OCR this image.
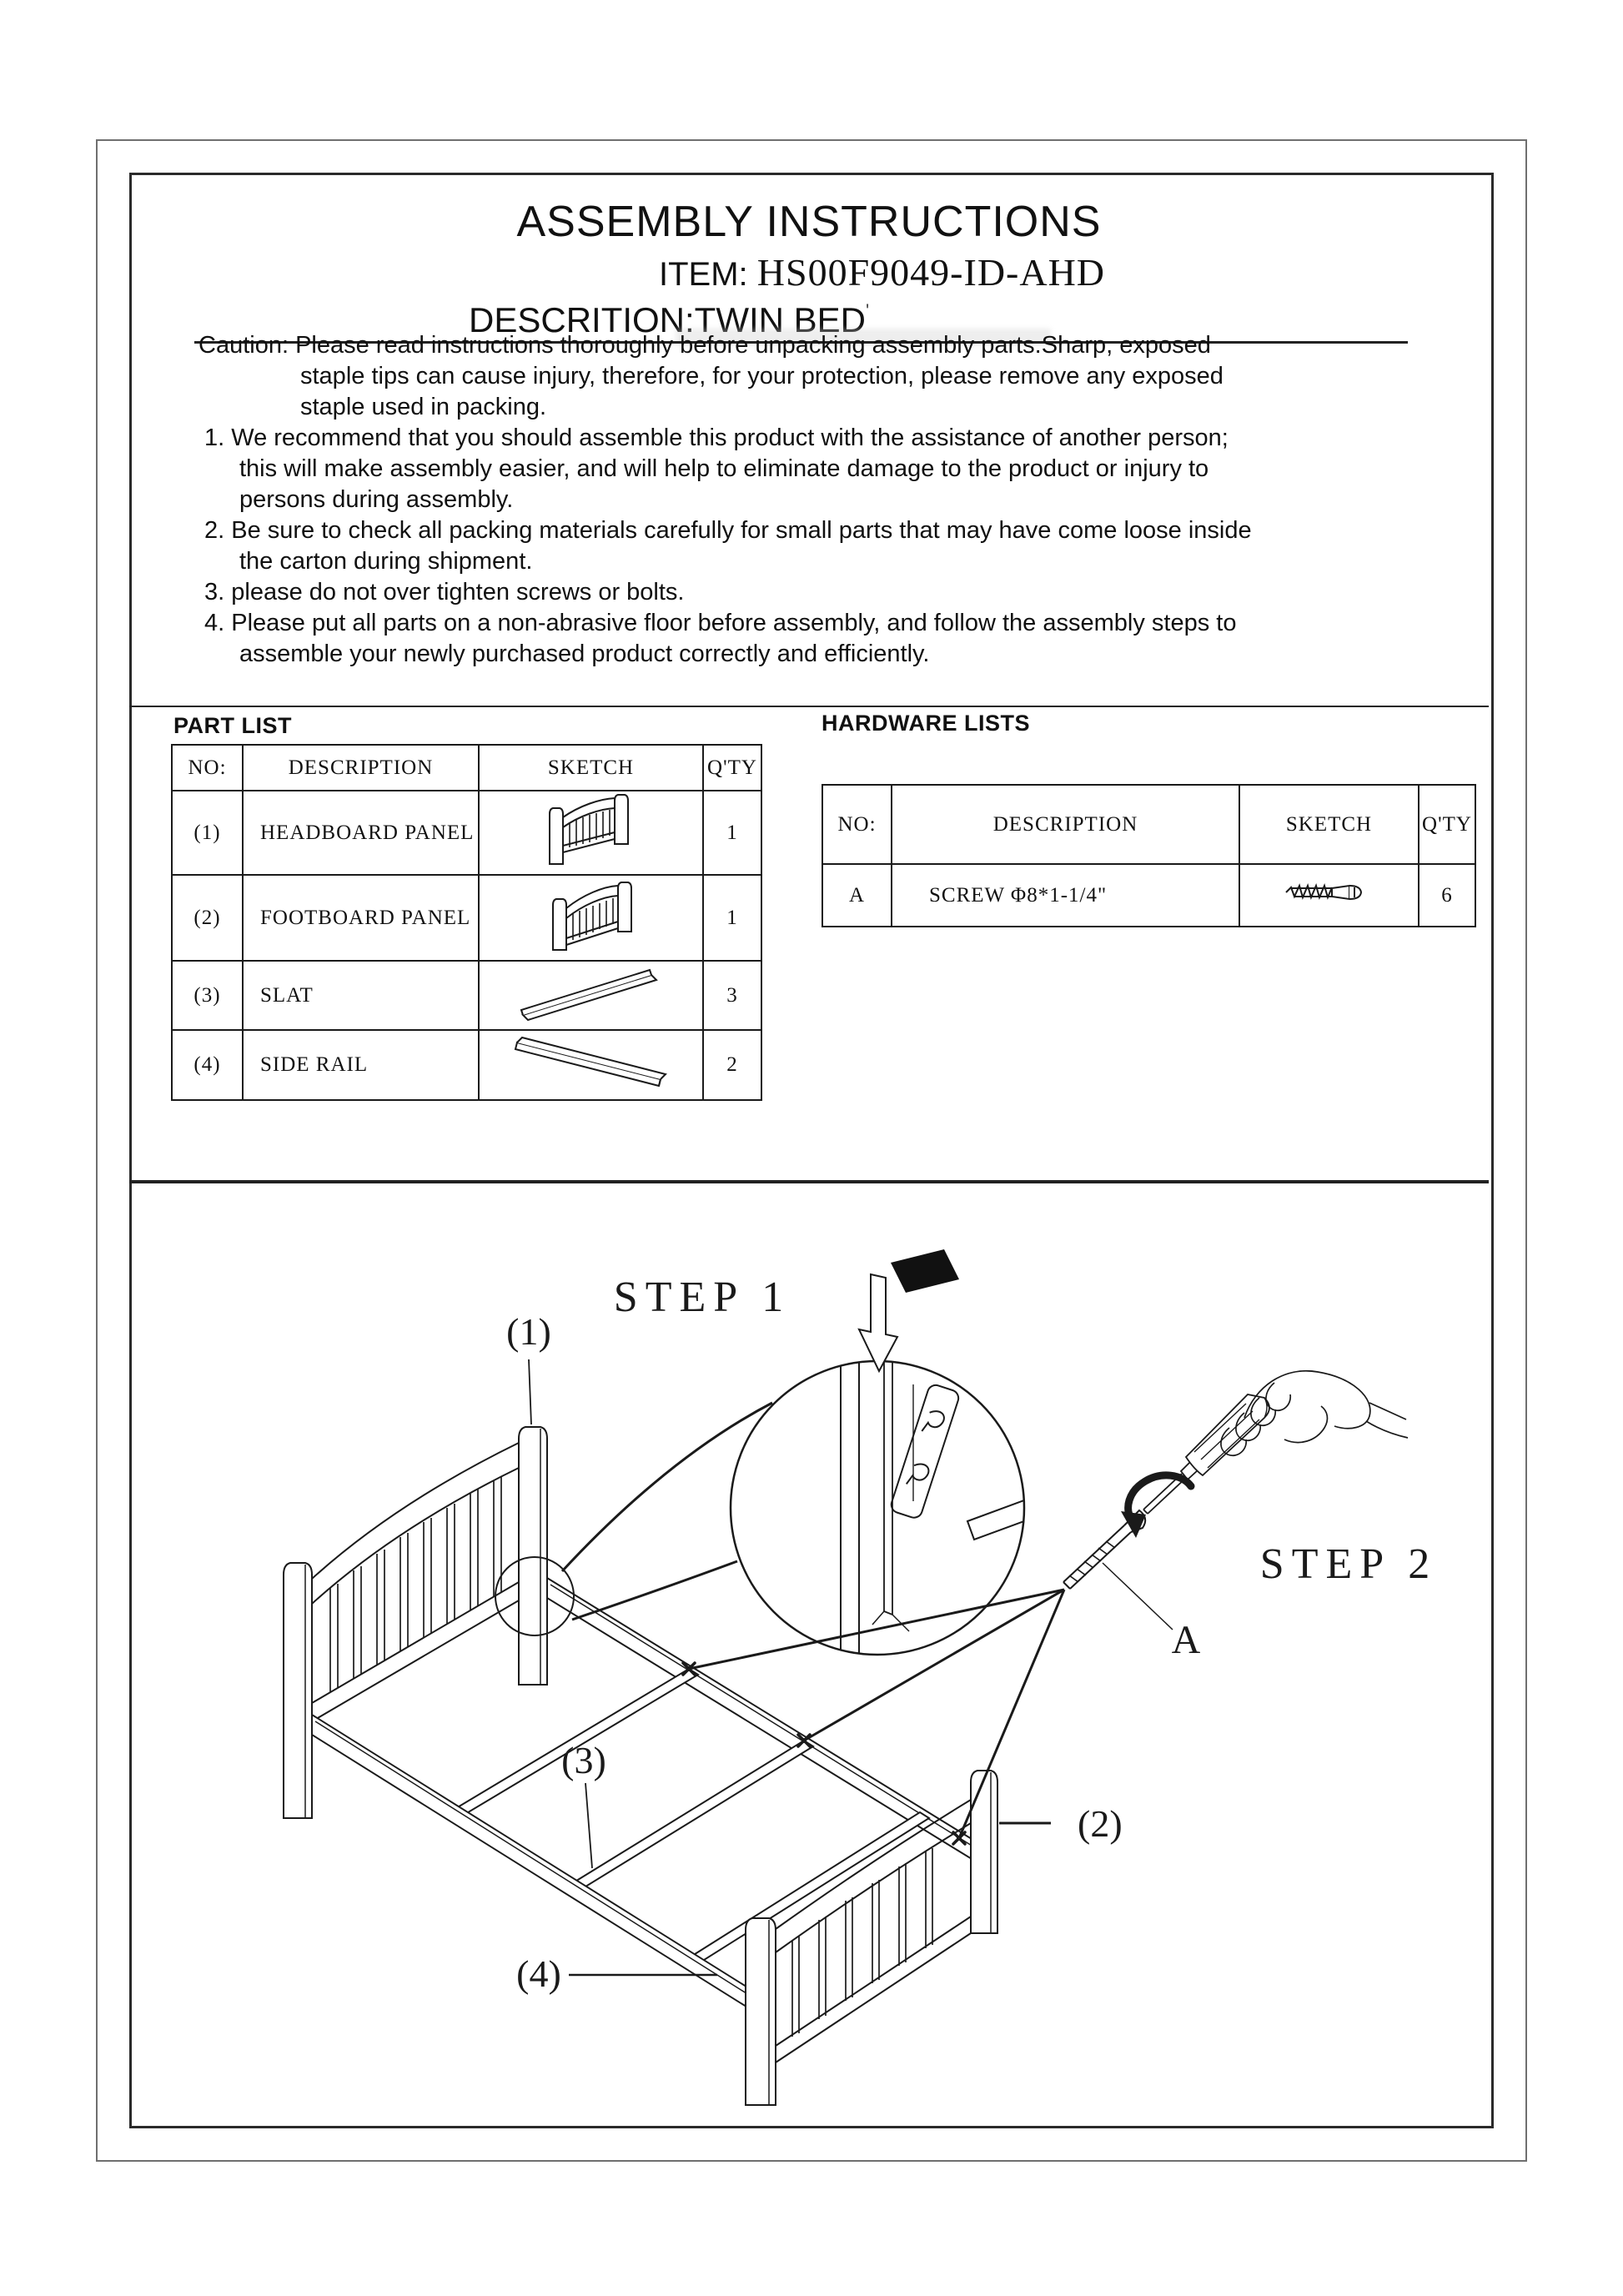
ASSEMBLY INSTRUCTIONS
ITEM: HS00F9049-ID-AHD
DESCRITION:TWIN BED'
Caution: Please read instructions thoroughly before unpacking assembly parts.Sharp, exposed
staple tips can cause injury, therefore, for your protection, please remove any exposed
staple used in packing.
1. We recommend that you should assemble this product with the assistance of another person;
this will make assembly easier, and will help to eliminate damage to the product or injury to
persons during assembly.
2. Be sure to check all packing materials carefully for small parts that may have come loose inside
the carton during shipment.
3. please do not over tighten screws or bolts.
4. Please put all parts on a non-abrasive floor before assembly, and follow the assembly steps to
assemble your newly purchased product correctly and efficiently.
PART LIST
NO:	DESCRIPTION	SKETCH	Q'TY
(1)	HEADBOARD PANEL		1
(2)	FOOTBOARD PANEL		1
(3)	SLAT		3
(4)	SIDE RAIL		2
HARDWARE LISTS
NO:	DESCRIPTION	SKETCH	Q'TY
A	SCREW Φ8*1-1/4"		6
STEP 1
STEP 2
(1)
(2)
(3)
(4)
A
